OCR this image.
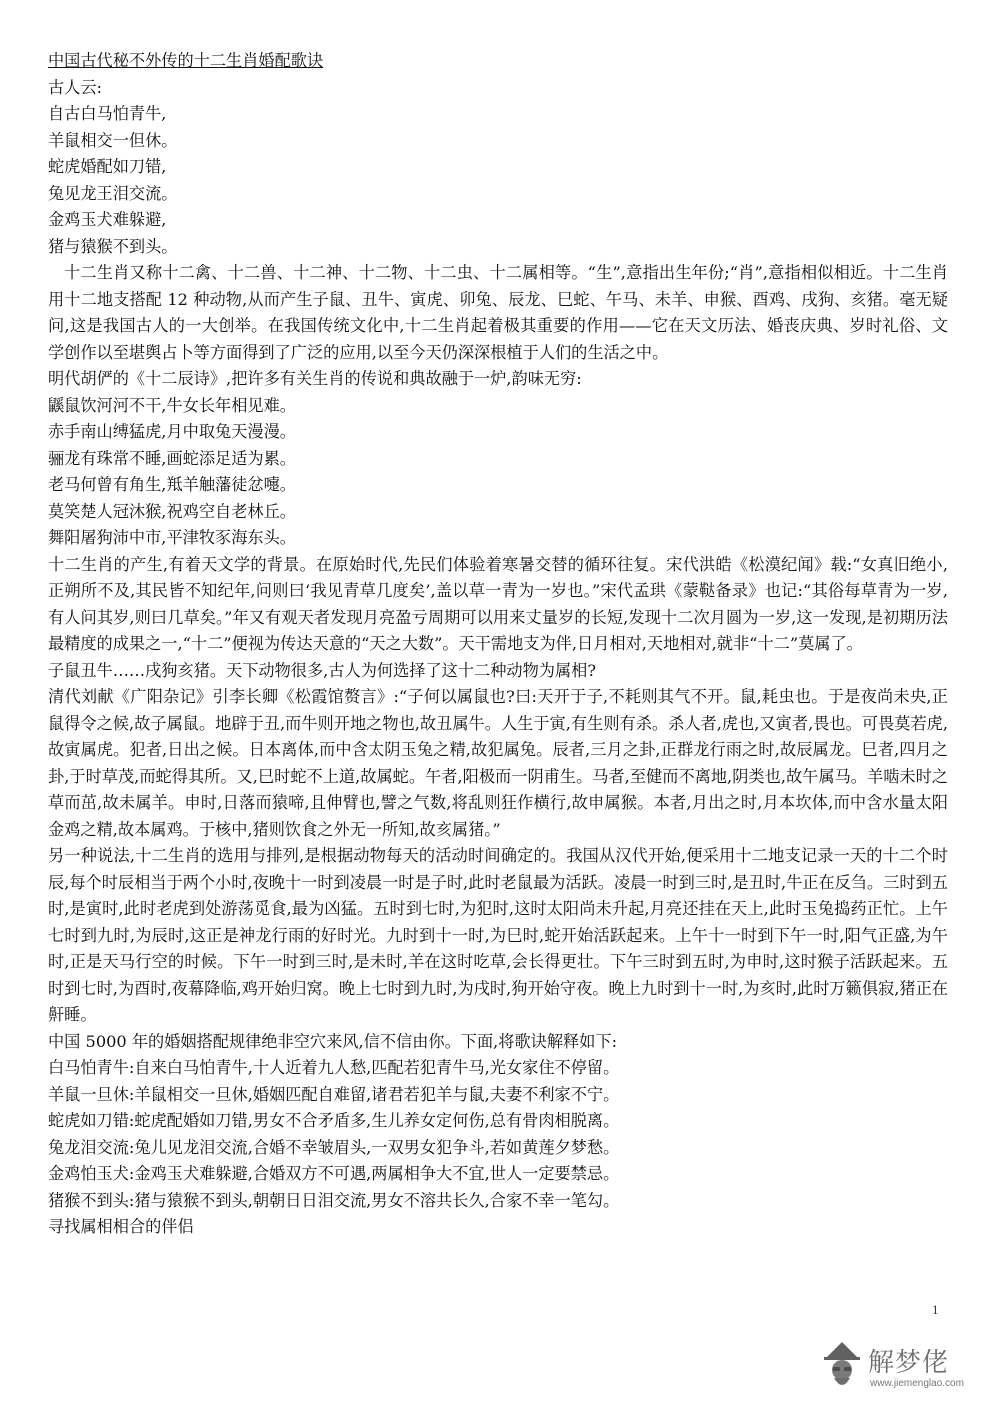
中国古代秘不外传的十二生肖婚配歌诀

古人云:

自古白马怕青牛,

羊鼠相交一但休。

蛇虎婚配如刀错,

兔见龙王泪交流。

金鸡玉犬难躲避,

猪与猿猴不到头。

十二生肖又称十二禽、十二兽、十二神、十二物、十二虫、十二属相等。“生”,意指出生年份;“肖”,意指相似相近。十二生肖用十二地支搭配 12 种动物,从而产生子鼠、丑牛、寅虎、卯兔、辰龙、巳蛇、午马、未羊、申猴、酉鸡、戌狗、亥猪。毫无疑问,这是我国古人的一大创举。在我国传统文化中,十二生肖起着极其重要的作用——它在天文历法、婚丧庆典、岁时礼俗、文学创作以至堪舆占卜等方面得到了广泛的应用,以至今天仍深深根植于人们的生活之中。

明代胡俨的《十二辰诗》,把许多有关生肖的传说和典故融于一炉,韵味无穷:

鼷鼠饮河河不干,牛女长年相见难。

赤手南山缚猛虎,月中取兔天漫漫。

骊龙有珠常不睡,画蛇添足适为累。

老马何曾有角生,羝羊触藩徒忿嚏。

莫笑楚人冠沐猴,祝鸡空自老林丘。

舞阳屠狗沛中市,平津牧豕海东头。

十二生肖的产生,有着天文学的背景。在原始时代,先民们体验着寒暑交替的循环往复。宋代洪皓《松漠纪闻》载:“女真旧绝小,正朔所不及,其民皆不知纪年,问则曰‘我见青草几度矣’,盖以草一青为一岁也。”宋代孟珙《蒙鞑备录》也记:“其俗每草青为一岁,有人问其岁,则曰几草矣。”年又有观天者发现月亮盈亏周期可以用来丈量岁的长短,发现十二次月圆为一岁,这一发现,是初期历法最精度的成果之一,“十二”便视为传达天意的“天之大数”。天干需地支为伴,日月相对,天地相对,就非“十二”莫属了。

子鼠丑牛……戌狗亥猪。天下动物很多,古人为何选择了这十二种动物为属相?

清代刘献《广阳杂记》引李长卿《松霞馆赘言》:“子何以属鼠也?曰:天开于子,不耗则其气不开。鼠,耗虫也。于是夜尚未央,正鼠得令之候,故子属鼠。地辟于丑,而牛则开地之物也,故丑属牛。人生于寅,有生则有杀。杀人者,虎也,又寅者,畏也。可畏莫若虎,故寅属虎。犯者,日出之候。日本离体,而中含太阴玉兔之精,故犯属兔。辰者,三月之卦,正群龙行雨之时,故辰属龙。巳者,四月之卦,于时草茂,而蛇得其所。又,巳时蛇不上道,故属蛇。午者,阳极而一阴甫生。马者,至健而不离地,阴类也,故午属马。羊啮未时之草而茁,故未属羊。申时,日落而猿啼,且伸臂也,譬之气数,将乱则狂作横行,故申属猴。本者,月出之时,月本坎体,而中含水量太阳金鸡之精,故本属鸡。于核中,猪则饮食之外无一所知,故亥属猪。”

另一种说法,十二生肖的选用与排列,是根据动物每天的活动时间确定的。我国从汉代开始,便采用十二地支记录一天的十二个时辰,每个时辰相当于两个小时,夜晚十一时到凌晨一时是子时,此时老鼠最为活跃。凌晨一时到三时,是丑时,牛正在反刍。三时到五时,是寅时,此时老虎到处游荡觅食,最为凶猛。五时到七时,为犯时,这时太阳尚未升起,月亮还挂在天上,此时玉兔捣药正忙。上午七时到九时,为辰时,这正是神龙行雨的好时光。九时到十一时,为巳时,蛇开始活跃起来。上午十一时到下午一时,阳气正盛,为午时,正是天马行空的时候。下午一时到三时,是未时,羊在这时吃草,会长得更壮。下午三时到五时,为申时,这时猴子活跃起来。五时到七时,为酉时,夜幕降临,鸡开始归窝。晚上七时到九时,为戌时,狗开始守夜。晚上九时到十一时,为亥时,此时万籁俱寂,猪正在鼾睡。

中国 5000 年的婚姻搭配规律绝非空穴来风,信不信由你。下面,将歌诀解释如下:

白马怕青牛:自来白马怕青牛,十人近着九人愁,匹配若犯青牛马,光女家住不停留。

羊鼠一旦休:羊鼠相交一旦休,婚姻匹配自难留,诸君若犯羊与鼠,夫妻不利家不宁。

蛇虎如刀错:蛇虎配婚如刀错,男女不合矛盾多,生儿养女定何伤,总有骨肉相脱离。

兔龙泪交流:兔儿见龙泪交流,合婚不幸皱眉头,一双男女犯争斗,若如黄莲夕梦愁。

金鸡怕玉犬:金鸡玉犬难躲避,合婚双方不可遇,两属相争大不宜,世人一定要禁忌。

猪猴不到头:猪与猿猴不到头,朝朝日日泪交流,男女不溶共长久,合家不幸一笔勾。

寻找属相相合的伴侣

1
解梦佬
www.jiemenglao.com
